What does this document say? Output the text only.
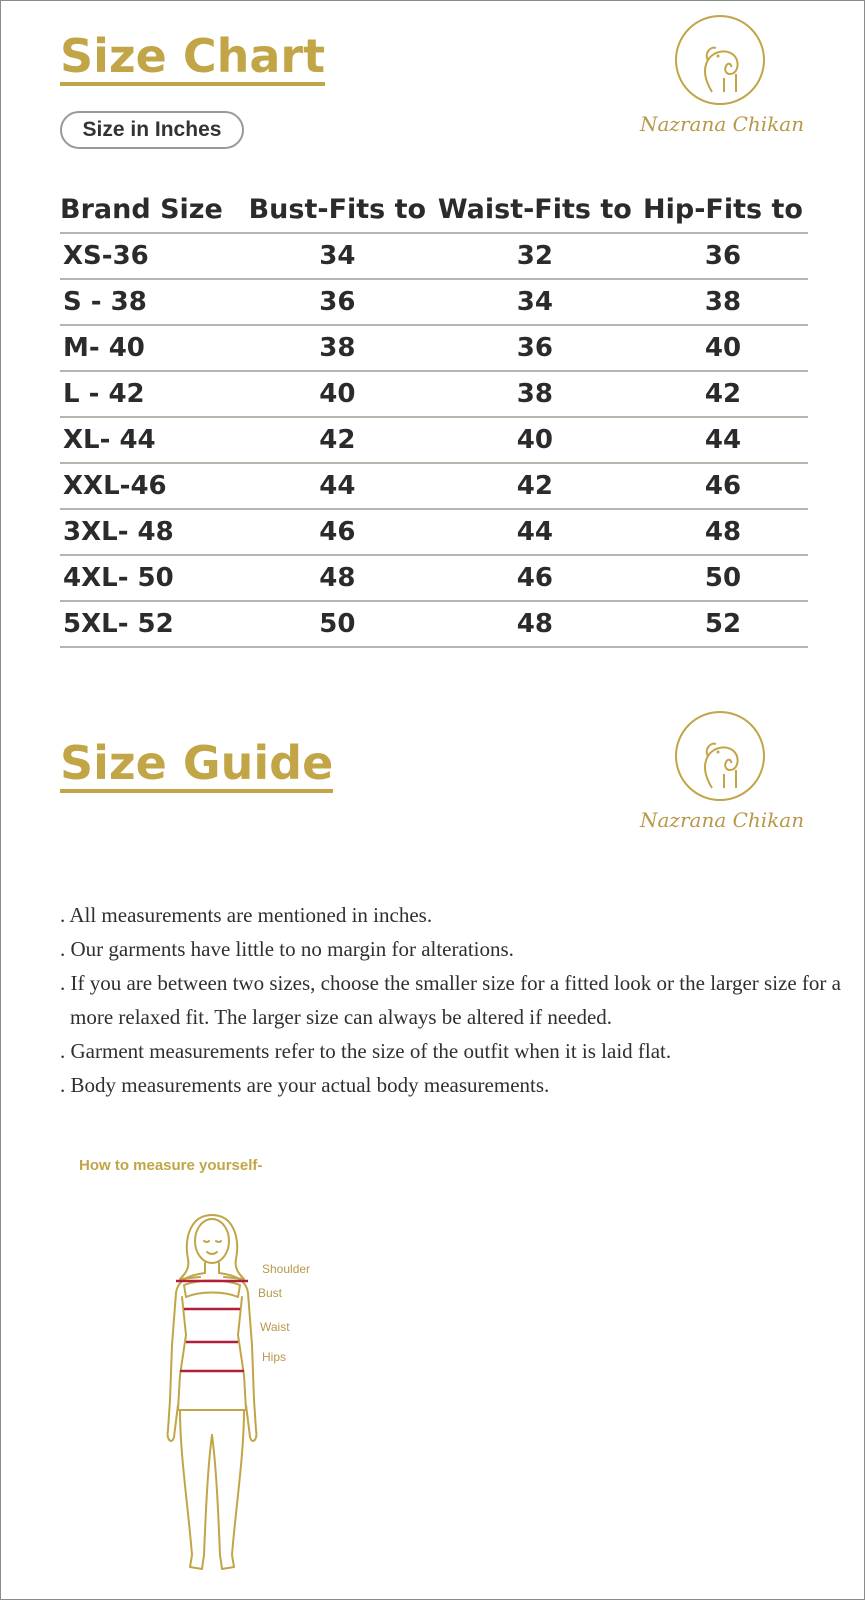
Size Chart
Size in Inches	Nazrana Chikan
Brand Size	Bust-Fits to	Waist-Fits to	Hip-Fits to
XS-36	34	32	36
S - 38	36	34	38
M- 40	38	36	40
L - 42	40	38	42
XL- 44	42	40	44
XXL-46	44	42	46
3XL- 48	46	44	48
4XL- 50	48	46	50
5XL- 52	50	48	52
Size Guide
Nazrana Chikan
. All measurements are mentioned in inches.
. Our garments have little to no margin for alterations.
. If you are between two sizes, choose the smaller size for a fitted look or the larger size for a more relaxed fit. The larger size can always be altered if needed.
. Garment measurements refer to the size of the outfit when it is laid flat.
. Body measurements are your actual body measurements.
How to measure yourself-
Shoulder
Bust
Waist
Hips
